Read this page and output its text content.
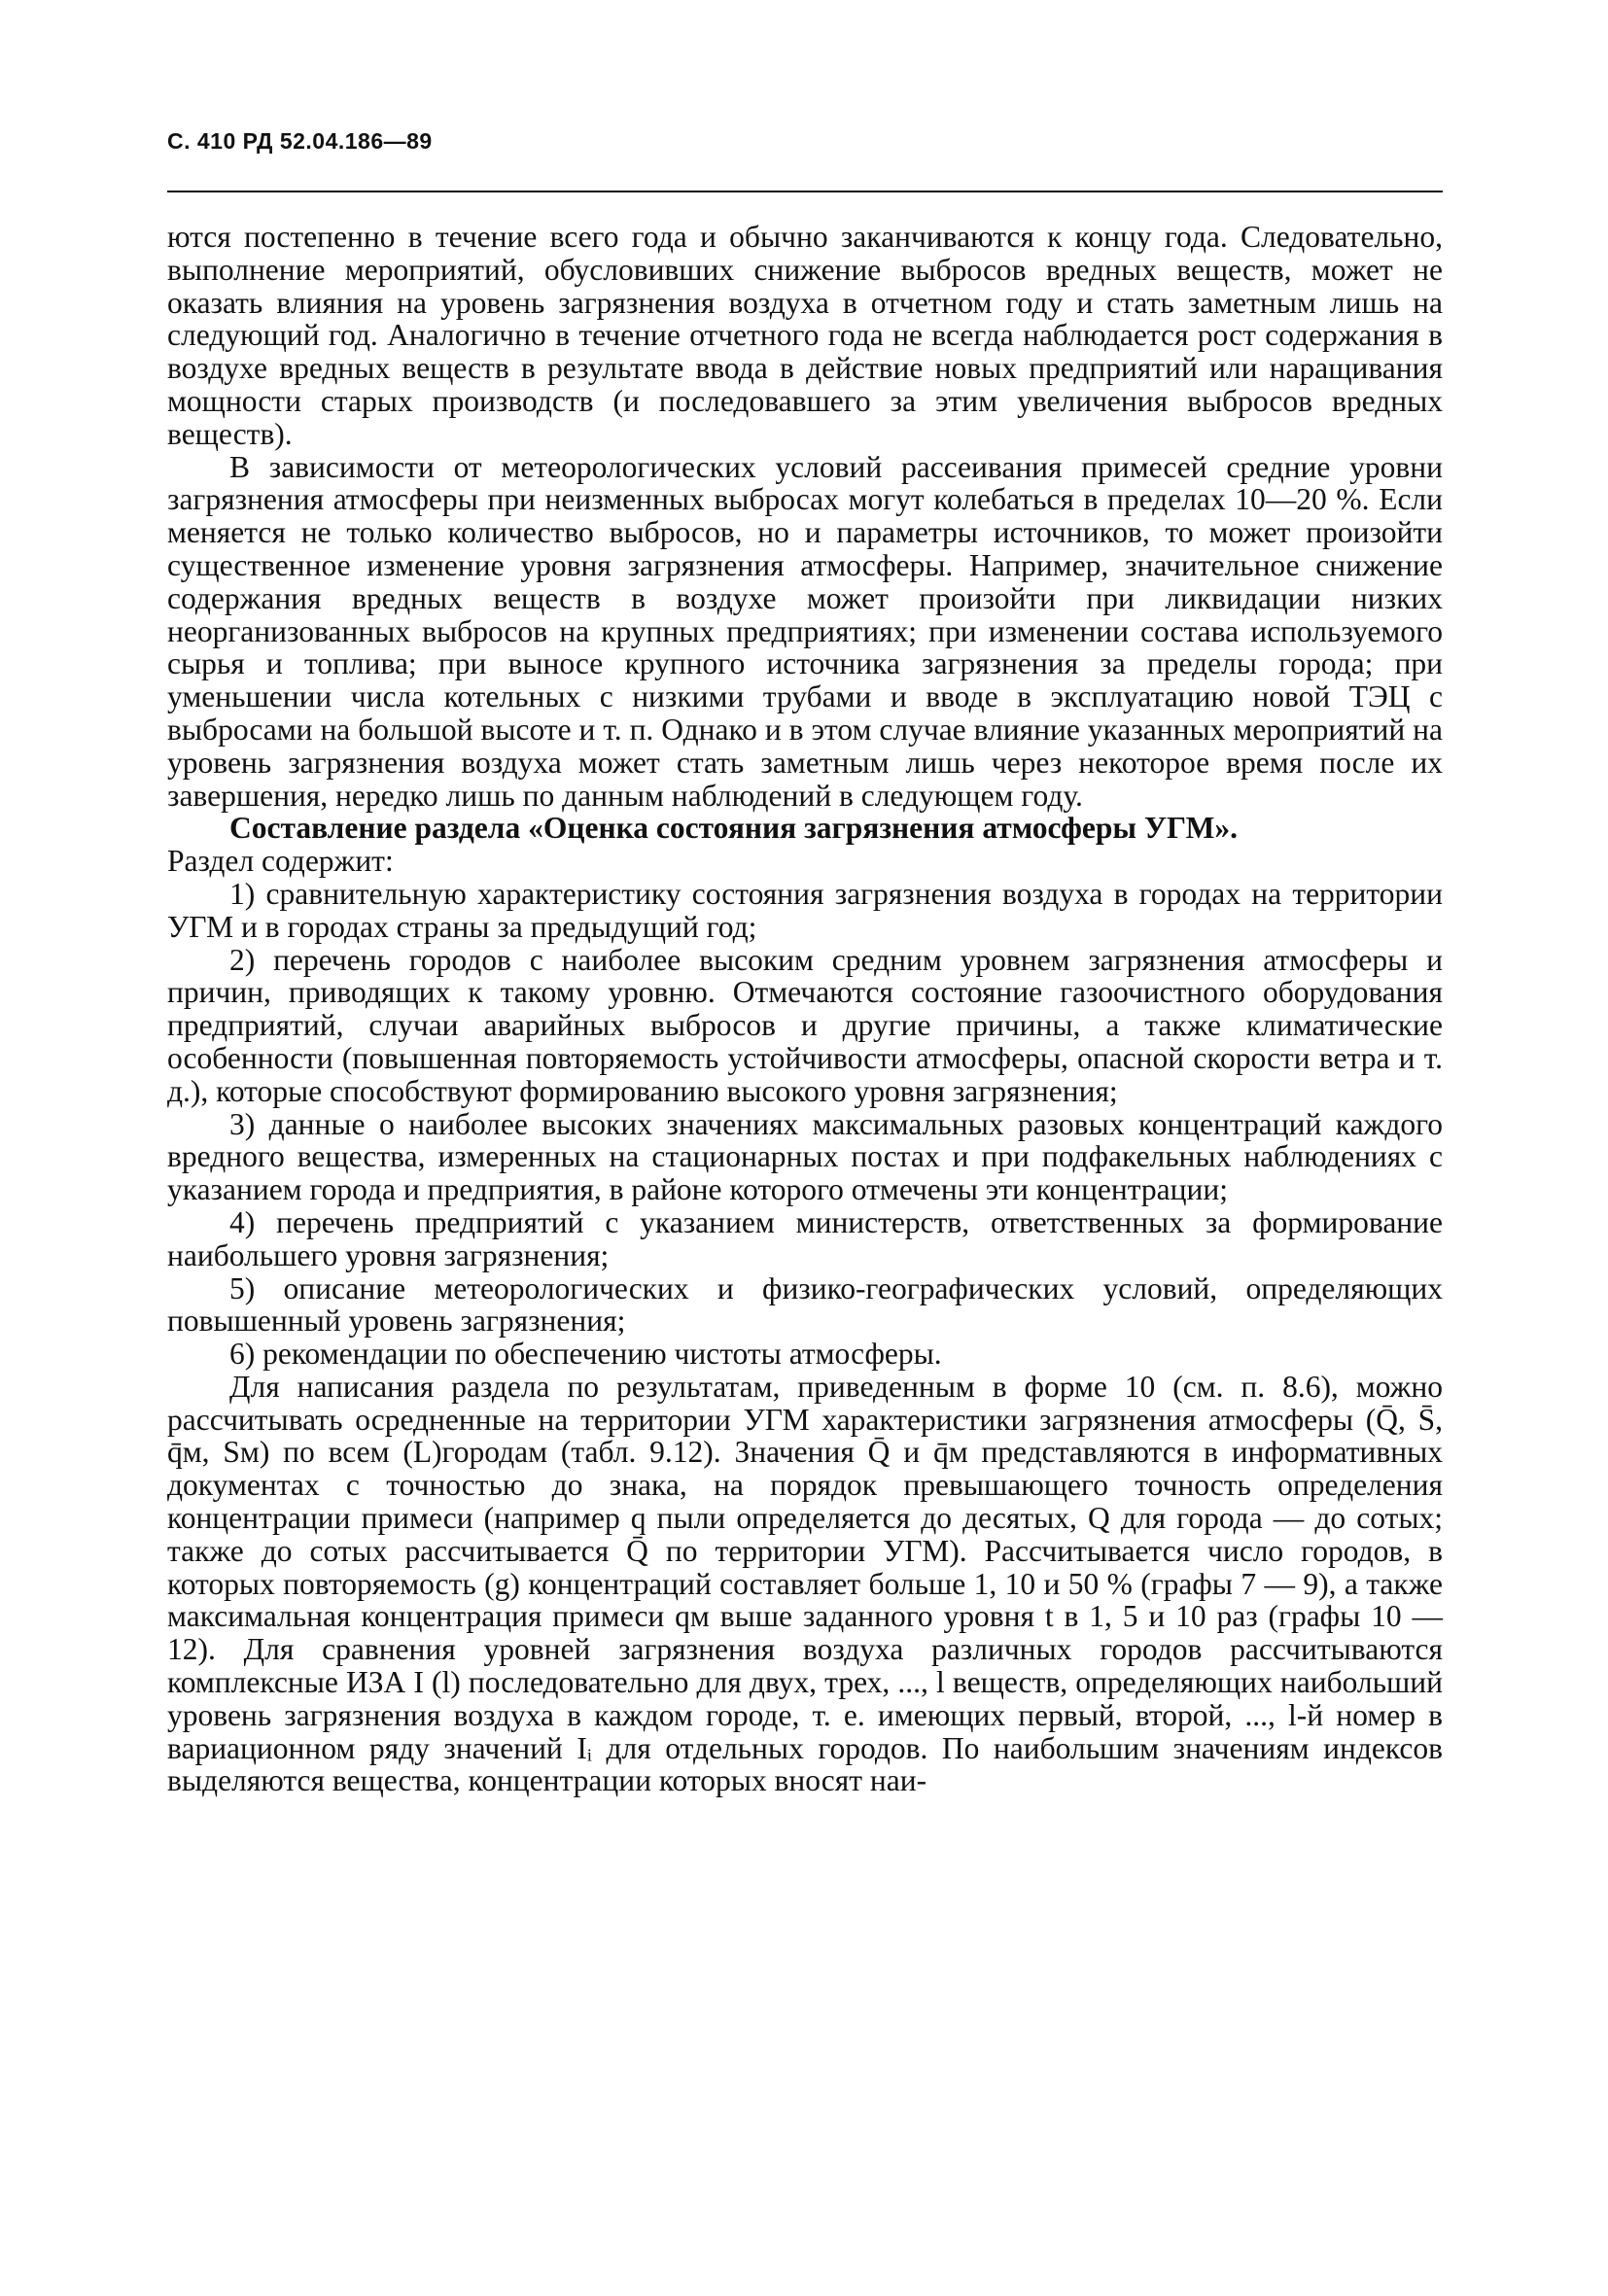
С. 410 РД 52.04.186—89

ются постепенно в течение всего года и обычно заканчиваются к концу года. Следовательно, выполнение мероприятий, обусловивших снижение выбросов вредных веществ, может не оказать влияния на уровень загрязнения воздуха в отчетном году и стать заметным лишь на следующий год. Аналогично в течение отчетного года не всегда наблюдается рост содержания в воздухе вредных веществ в результате ввода в действие новых предприятий или наращивания мощности старых производств (и последовавшего за этим увеличения выбросов вредных веществ).

В зависимости от метеорологических условий рассеивания примесей средние уровни загрязнения атмосферы при неизменных выбросах могут колебаться в пределах 10—20 %. Если меняется не только количество выбросов, но и параметры источников, то может произойти существенное изменение уровня загрязнения атмосферы. Например, значительное снижение содержания вредных веществ в воздухе может произойти при ликвидации низких неорганизованных выбросов на крупных предприятиях; при изменении состава используемого сырья и топлива; при выносе крупного источника загрязнения за пределы города; при уменьшении числа котельных с низкими трубами и вводе в эксплуатацию новой ТЭЦ с выбросами на большой высоте и т. п. Однако и в этом случае влияние указанных мероприятий на уровень загрязнения воздуха может стать заметным лишь через некоторое время после их завершения, нередко лишь по данным наблюдений в следующем году.

Составление раздела «Оценка состояния загрязнения атмосферы УГМ».

Раздел содержит:

1) сравнительную характеристику состояния загрязнения воздуха в городах на территории УГМ и в городах страны за предыдущий год;

2) перечень городов с наиболее высоким средним уровнем загрязнения атмосферы и причин, приводящих к такому уровню. Отмечаются состояние газоочистного оборудования предприятий, случаи аварийных выбросов и другие причины, а также климатические особенности (повышенная повторяемость устойчивости атмосферы, опасной скорости ветра и т. д.), которые способствуют формированию высокого уровня загрязнения;

3) данные о наиболее высоких значениях максимальных разовых концентраций каждого вредного вещества, измеренных на стационарных постах и при подфакельных наблюдениях с указанием города и предприятия, в районе которого отмечены эти концентрации;

4) перечень предприятий с указанием министерств, ответственных за формирование наибольшего уровня загрязнения;

5) описание метеорологических и физико-географических условий, определяющих повышенный уровень загрязнения;

6) рекомендации по обеспечению чистоты атмосферы.

Для написания раздела по результатам, приведенным в форме 10 (см. п. 8.6), можно рассчитывать осредненные на территории УГМ характеристики загрязнения атмосферы (Q̄, S̄, q̄м, Sм) по всем (L)городам (табл. 9.12). Значения Q̄ и q̄м представляются в информативных документах с точностью до знака, на порядок превышающего точность определения концентрации примеси (например q пыли определяется до десятых, Q для города — до сотых; также до сотых рассчитывается Q̄ по территории УГМ). Рассчитывается число городов, в которых повторяемость (g) концентраций составляет больше 1, 10 и 50 % (графы 7 — 9), а также максимальная концентрация примеси qм выше заданного уровня t в 1, 5 и 10 раз (графы 10 — 12). Для сравнения уровней загрязнения воздуха различных городов рассчитываются комплексные ИЗА I (l) последовательно для двух, трех, ..., l веществ, определяющих наибольший уровень загрязнения воздуха в каждом городе, т. е. имеющих первый, второй, ..., l-й номер в вариационном ряду значений Iᵢ для отдельных городов. По наибольшим значениям индексов выделяются вещества, концентрации которых вносят наи-
